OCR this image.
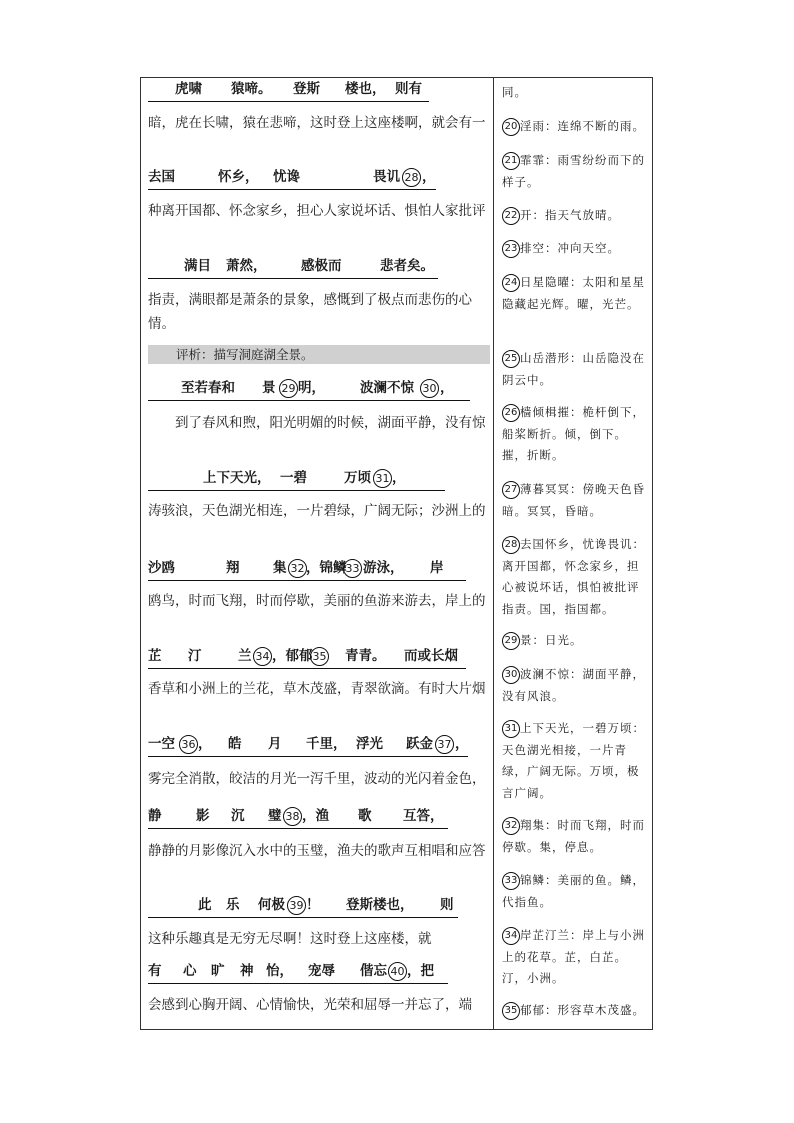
虎啸 猿啼。 登斯 楼也， 则有
暗，虎在长啸，猿在悲啼，这时登上这座楼啊，就会有一
去国	怀乡， 忧谗	畏讥 28 ，
种离开国都、怀念家乡，担心人家说坏话、惧怕人家批评
满目 萧然，	感极而	悲者矣。
指责，满眼都是萧条的景象，感慨到了极点而悲伤的心情。
评析：描写洞庭湖全景。
至若春和 景 29 明，	波澜不惊 30 ，
　　到了春风和煦，阳光明媚的时候，湖面平静，没有惊
上下天光， 一碧	万顷 31 ，
涛骇浪，天色湖光相连，一片碧绿，广阔无际；沙洲上的
沙鸥	翔 集 32 ，锦鳞 33 游泳， 岸
鸥鸟，时而飞翔，时而停歇，美丽的鱼游来游去，岸上的
芷 汀	兰 34 ，郁郁 35 青青。 而或长烟
香草和小洲上的兰花，草木茂盛，青翠欲滴。有时大片烟
一空 36 ， 皓 月 千里， 浮光 跃金 37 ，
雾完全消散，皎洁的月光一泻千里，波动的光闪着金色，
静	影 沉 璧 38 ，渔 歌 互答，
静静的月影像沉入水中的玉璧，渔夫的歌声互相唱和应答
此 乐 何极 39 ！ 登斯楼也， 则
这种乐趣真是无穷无尽啊！这时登上这座楼，就
有 心 旷 神 怡， 宠辱 偕忘 40 ，把
会感到心胸开阔、心情愉快，光荣和屈辱一并忘了，端
同。
20 淫雨：连绵不断的雨。
21 霏霏：雨雪纷纷而下的样子。
22 开：指天气放晴。
23 排空：冲向天空。
24 日星隐曜：太阳和星星隐藏起光辉。曜，光芒。
25 山岳潜形：山岳隐没在阴云中。
26 樯倾楫摧：桅杆倒下，船桨断折。倾，倒下。摧，折断。
27 薄暮冥冥：傍晚天色昏暗。冥冥，昏暗。
28 去国怀乡，忧谗畏讥：离开国都，怀念家乡，担心被说坏话，惧怕被批评指责。国，指国都。
29 景：日光。
30 波澜不惊：湖面平静，没有风浪。
31 上下天光，一碧万顷：天色湖光相接，一片青绿，广阔无际。万顷，极言广阔。
32 翔集：时而飞翔，时而停歇。集，停息。
33 锦鳞：美丽的鱼。鳞，代指鱼。
34 岸芷汀兰：岸上与小洲上的花草。芷，白芷。汀，小洲。
35 郁郁：形容草木茂盛。
